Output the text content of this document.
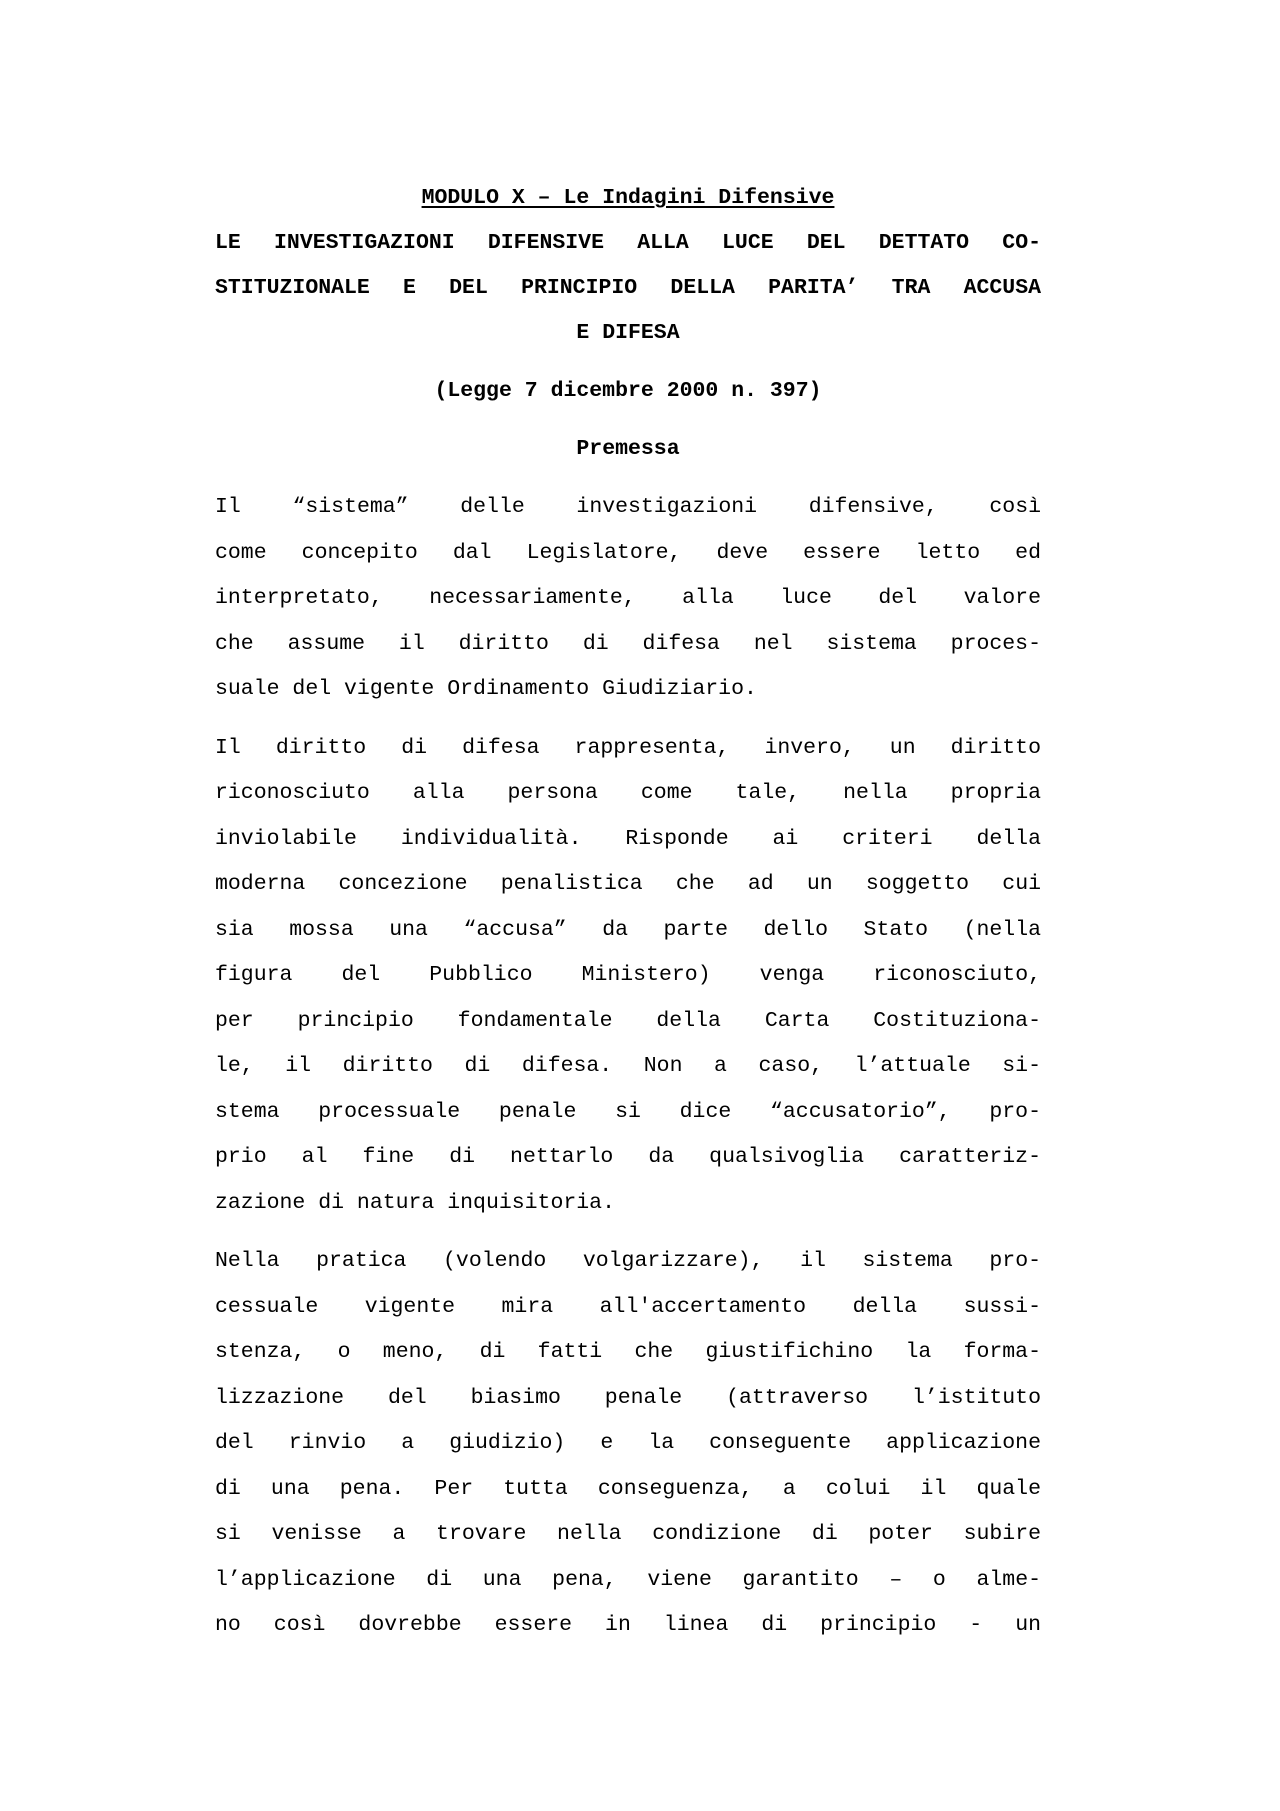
MODULO X – Le Indagini Difensive
LE INVESTIGAZIONI DIFENSIVE ALLA LUCE DEL DETTATO CO-
STITUZIONALE E DEL PRINCIPIO DELLA PARITA’ TRA ACCUSA
E DIFESA

(Legge 7 dicembre 2000 n. 397)

Premessa

Il “sistema” delle investigazioni difensive, così
come concepito dal Legislatore, deve essere letto ed
interpretato, necessariamente, alla luce del valore
che assume il diritto di difesa nel sistema proces-
suale del vigente Ordinamento Giudiziario.

Il diritto di difesa rappresenta, invero, un diritto
riconosciuto alla persona come tale, nella propria
inviolabile individualità. Risponde ai criteri della
moderna concezione penalistica che ad un soggetto cui
sia mossa una “accusa” da parte dello Stato (nella
figura del Pubblico Ministero) venga riconosciuto,
per principio fondamentale della Carta Costituziona-
le, il diritto di difesa. Non a caso, l’attuale si-
stema processuale penale si dice “accusatorio”, pro-
prio al fine di nettarlo da qualsivoglia caratteriz-
zazione di natura inquisitoria.

Nella pratica (volendo volgarizzare), il sistema pro-
cessuale vigente mira all'accertamento della sussi-
stenza, o meno, di fatti che giustifichino la forma-
lizzazione del biasimo penale (attraverso l’istituto
del rinvio a giudizio) e la conseguente applicazione
di una pena. Per tutta conseguenza, a colui il quale
si venisse a trovare nella condizione di poter subire
l’applicazione di una pena, viene garantito – o alme-
no così dovrebbe essere in linea di principio - un
